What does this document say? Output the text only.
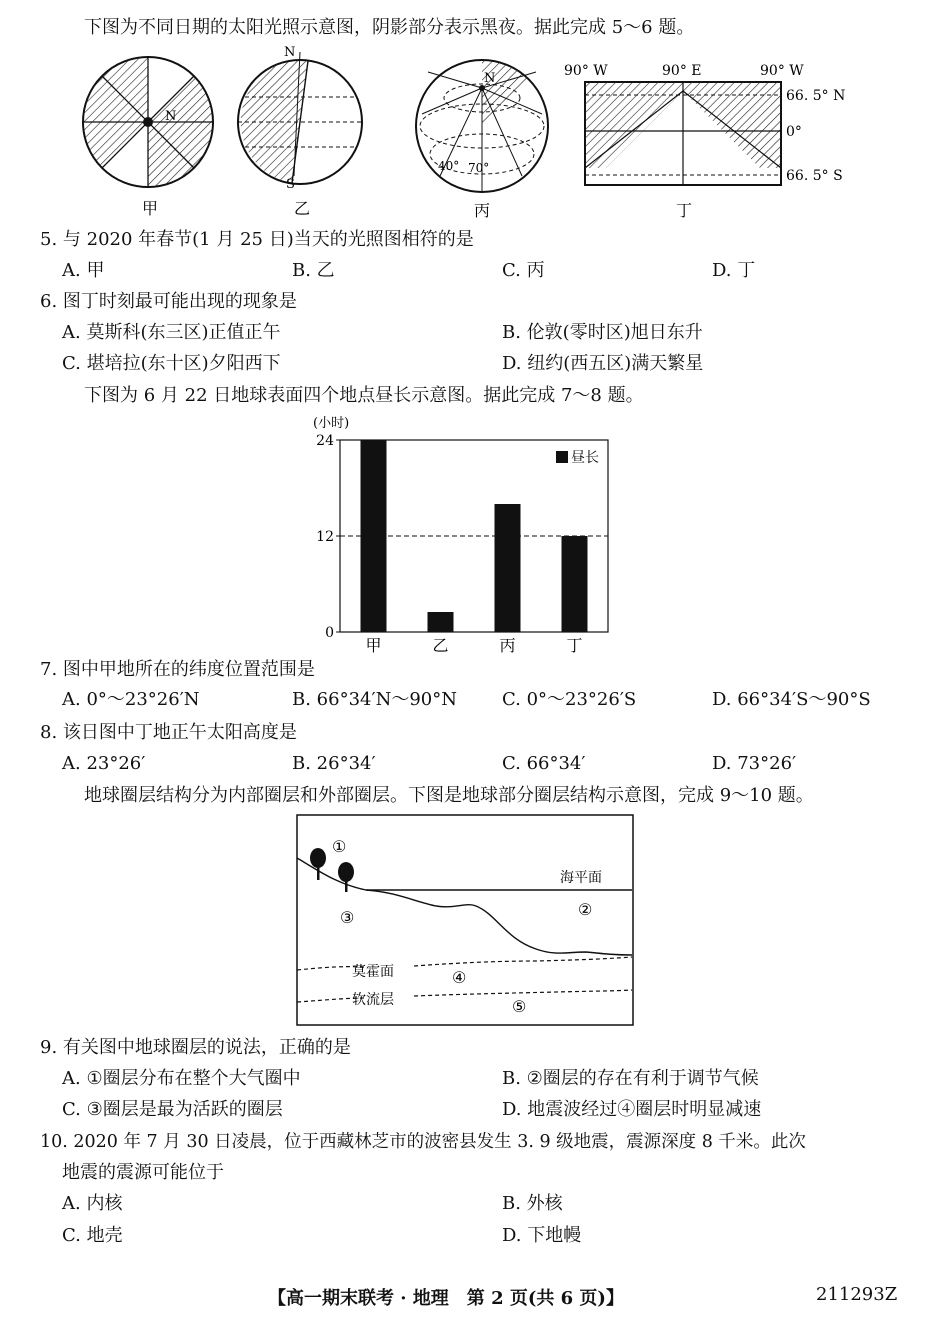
下图为不同日期的太阳光照示意图，阴影部分表示黑夜。据此完成 5～6 题。
N
甲
N
S
乙
N
40° 70°
丙
90° W	90° E	90° W
66. 5° N
0°
66. 5° S
丁
5. 与 2020 年春节(1 月 25 日)当天的光照图相符的是
A. 甲	B. 乙	C. 丙	D. 丁
6. 图丁时刻最可能出现的现象是
A. 莫斯科(东三区)正值正午	B. 伦敦(零时区)旭日东升
C. 堪培拉(东十区)夕阳西下	D. 纽约(西五区)满天繁星
下图为 6 月 22 日地球表面四个地点昼长示意图。据此完成 7～8 题。
(小时)
0
12
24
甲	乙	丙	丁
昼长
7. 图中甲地所在的纬度位置范围是
A. 0°～23°26′N	B. 66°34′N～90°N	C. 0°～23°26′S	D. 66°34′S～90°S
8. 该日图中丁地正午太阳高度是
A. 23°26′	B. 26°34′	C. 66°34′	D. 73°26′
地球圈层结构分为内部圈层和外部圈层。下图是地球部分圈层结构示意图，完成 9～10 题。
①
③	②
④
⑤
海平面
莫霍面
软流层
9. 有关图中地球圈层的说法，正确的是
A. ①圈层分布在整个大气圈中	B. ②圈层的存在有利于调节气候
C. ③圈层是最为活跃的圈层	D. 地震波经过④圈层时明显减速
10. 2020 年 7 月 30 日凌晨，位于西藏林芝市的波密县发生 3. 9 级地震，震源深度 8 千米。此次
地震的震源可能位于
A. 内核	B. 外核
C. 地壳	D. 下地幔
【高一期末联考 · 地理　第 2 页(共 6 页)】	211293Z
